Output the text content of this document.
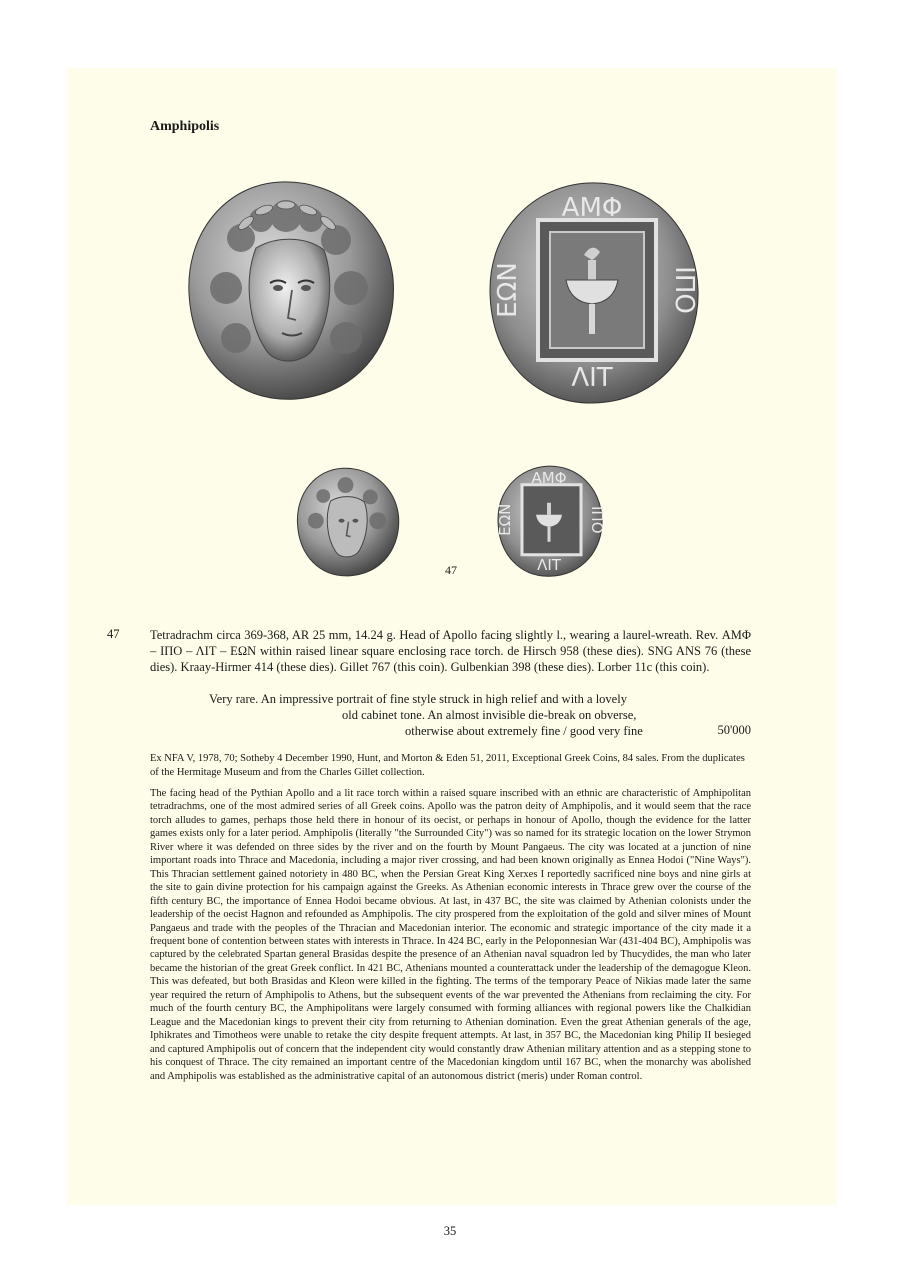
Amphipolis
ΑΜΦ
ΛΙΤ
ΙΠΟ
ΕΩΝ
ΑΜΦ
ΛΙΤ
ΙΠΟ
ΕΩΝ
47
47 Tetradrachm circa 369-368, AR 25 mm, 14.24 g. Head of Apollo facing slightly l., wearing a laurel-wreath. Rev. ΑΜΦ – ΙΠΟ – ΛΙΤ – ΕΩΝ within raised linear square enclosing race torch. de Hirsch 958 (these dies). SNG ANS 76 (these dies). Kraay-Hirmer 414 (these dies). Gillet 767 (this coin). Gulbenkian 398 (these dies). Lorber 11c (this coin).
Very rare. An impressive portrait of fine style struck in high relief and with a lovely
old cabinet tone. An almost invisible die-break on obverse,
otherwise about extremely fine / good very fine	50'000
Ex NFA V, 1978, 70; Sotheby 4 December 1990, Hunt, and Morton & Eden 51, 2011, Exceptional Greek Coins, 84 sales. From the duplicates of the Hermitage Museum and from the Charles Gillet collection.
The facing head of the Pythian Apollo and a lit race torch within a raised square inscribed with an ethnic are characteristic of Amphipolitan tetradrachms, one of the most admired series of all Greek coins. Apollo was the patron deity of Amphipolis, and it would seem that the race torch alludes to games, perhaps those held there in honour of its oecist, or perhaps in honour of Apollo, though the evidence for the latter games exists only for a later period. Amphipolis (literally "the Surrounded City") was so named for its strategic location on the lower Strymon River where it was defended on three sides by the river and on the fourth by Mount Pangaeus. The city was located at a junction of nine important roads into Thrace and Macedonia, including a major river crossing, and had been known originally as Ennea Hodoi ("Nine Ways"). This Thracian settlement gained notoriety in 480 BC, when the Persian Great King Xerxes I reportedly sacrificed nine boys and nine girls at the site to gain divine protection for his campaign against the Greeks. As Athenian economic interests in Thrace grew over the course of the fifth century BC, the importance of Ennea Hodoi became obvious. At last, in 437 BC, the site was claimed by Athenian colonists under the leadership of the oecist Hagnon and refounded as Amphipolis. The city prospered from the exploitation of the gold and silver mines of Mount Pangaeus and trade with the peoples of the Thracian and Macedonian interior. The economic and strategic importance of the city made it a frequent bone of contention between states with interests in Thrace. In 424 BC, early in the Peloponnesian War (431-404 BC), Amphipolis was captured by the celebrated Spartan general Brasidas despite the presence of an Athenian naval squadron led by Thucydides, the man who later became the historian of the great Greek conflict. In 421 BC, Athenians mounted a counterattack under the leadership of the demagogue Kleon. This was defeated, but both Brasidas and Kleon were killed in the fighting. The terms of the temporary Peace of Nikias made later the same year required the return of Amphipolis to Athens, but the subsequent events of the war prevented the Athenians from reclaiming the city. For much of the fourth century BC, the Amphipolitans were largely consumed with forming alliances with regional powers like the Chalkidian League and the Macedonian kings to prevent their city from returning to Athenian domination. Even the great Athenian generals of the age, Iphikrates and Timotheos were unable to retake the city despite frequent attempts. At last, in 357 BC, the Macedonian king Philip II besieged and captured Amphipolis out of concern that the independent city would constantly draw Athenian military attention and as a stepping stone to his conquest of Thrace. The city remained an important centre of the Macedonian kingdom until 167 BC, when the monarchy was abolished and Amphipolis was established as the administrative capital of an autonomous district (meris) under Roman control.
35
